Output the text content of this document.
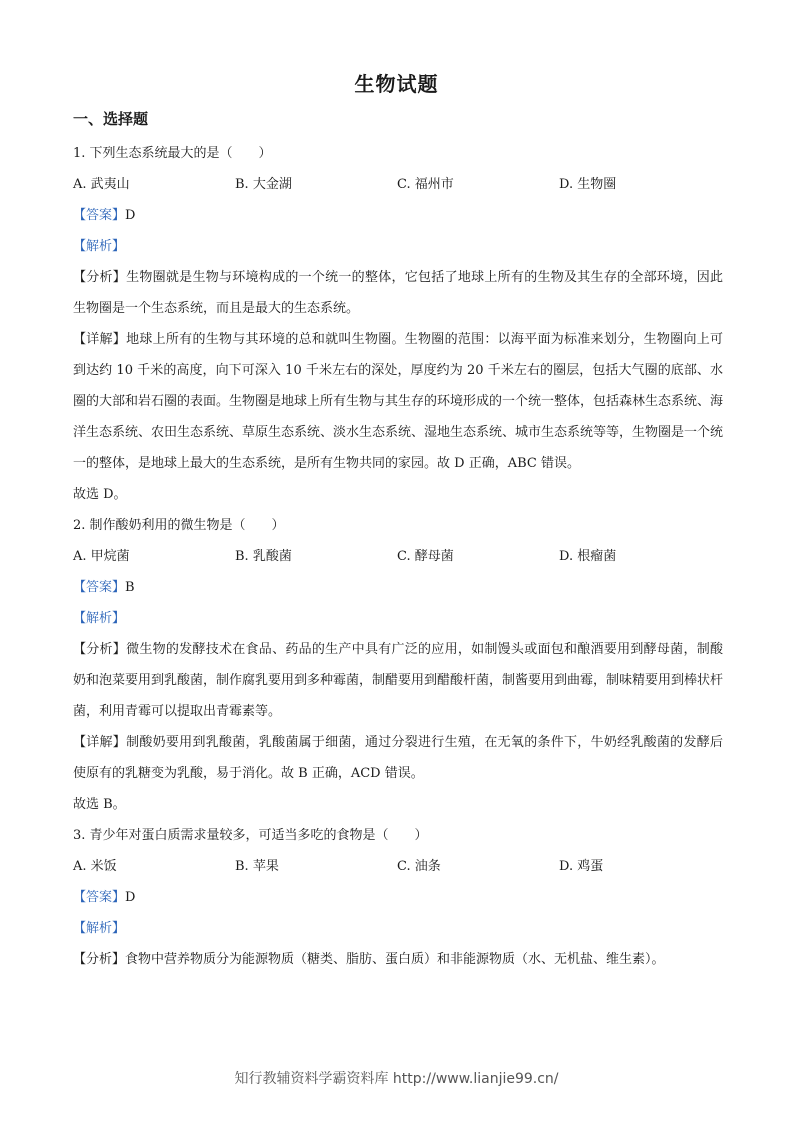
生物试题
一、选择题
1. 下列生态系统最大的是（　　）
A. 武夷山	B. 大金湖	C. 福州市	D. 生物圈
【答案】D
【解析】
【分析】生物圈就是生物与环境构成的一个统一的整体，它包括了地球上所有的生物及其生存的全部环境，因此生物圈是一个生态系统，而且是最大的生态系统。
【详解】地球上所有的生物与其环境的总和就叫生物圈。生物圈的范围：以海平面为标准来划分，生物圈向上可到达约 10 千米的高度，向下可深入 10 千米左右的深处，厚度约为 20 千米左右的圈层，包括大气圈的底部、水圈的大部和岩石圈的表面。生物圈是地球上所有生物与其生存的环境形成的一个统一整体，包括森林生态系统、海洋生态系统、农田生态系统、草原生态系统、淡水生态系统、湿地生态系统、城市生态系统等等，生物圈是一个统一的整体，是地球上最大的生态系统，是所有生物共同的家园。故 D 正确，ABC 错误。
故选 D。
2. 制作酸奶利用的微生物是（　　）
A. 甲烷菌	B. 乳酸菌	C. 酵母菌	D. 根瘤菌
【答案】B
【解析】
【分析】微生物的发酵技术在食品、药品的生产中具有广泛的应用，如制馒头或面包和酿酒要用到酵母菌，制酸奶和泡菜要用到乳酸菌，制作腐乳要用到多种霉菌，制醋要用到醋酸杆菌，制酱要用到曲霉，制味精要用到棒状杆菌，利用青霉可以提取出青霉素等。
【详解】制酸奶要用到乳酸菌，乳酸菌属于细菌，通过分裂进行生殖，在无氧的条件下，牛奶经乳酸菌的发酵后使原有的乳糖变为乳酸，易于消化。故 B 正确，ACD 错误。
故选 B。
3. 青少年对蛋白质需求量较多，可适当多吃的食物是（　　）
A. 米饭	B. 苹果	C. 油条	D. 鸡蛋
【答案】D
【解析】
【分析】食物中营养物质分为能源物质（糖类、脂肪、蛋白质）和非能源物质（水、无机盐、维生素）。
知行教辅资料学霸资料库 http://www.lianjie99.cn/
